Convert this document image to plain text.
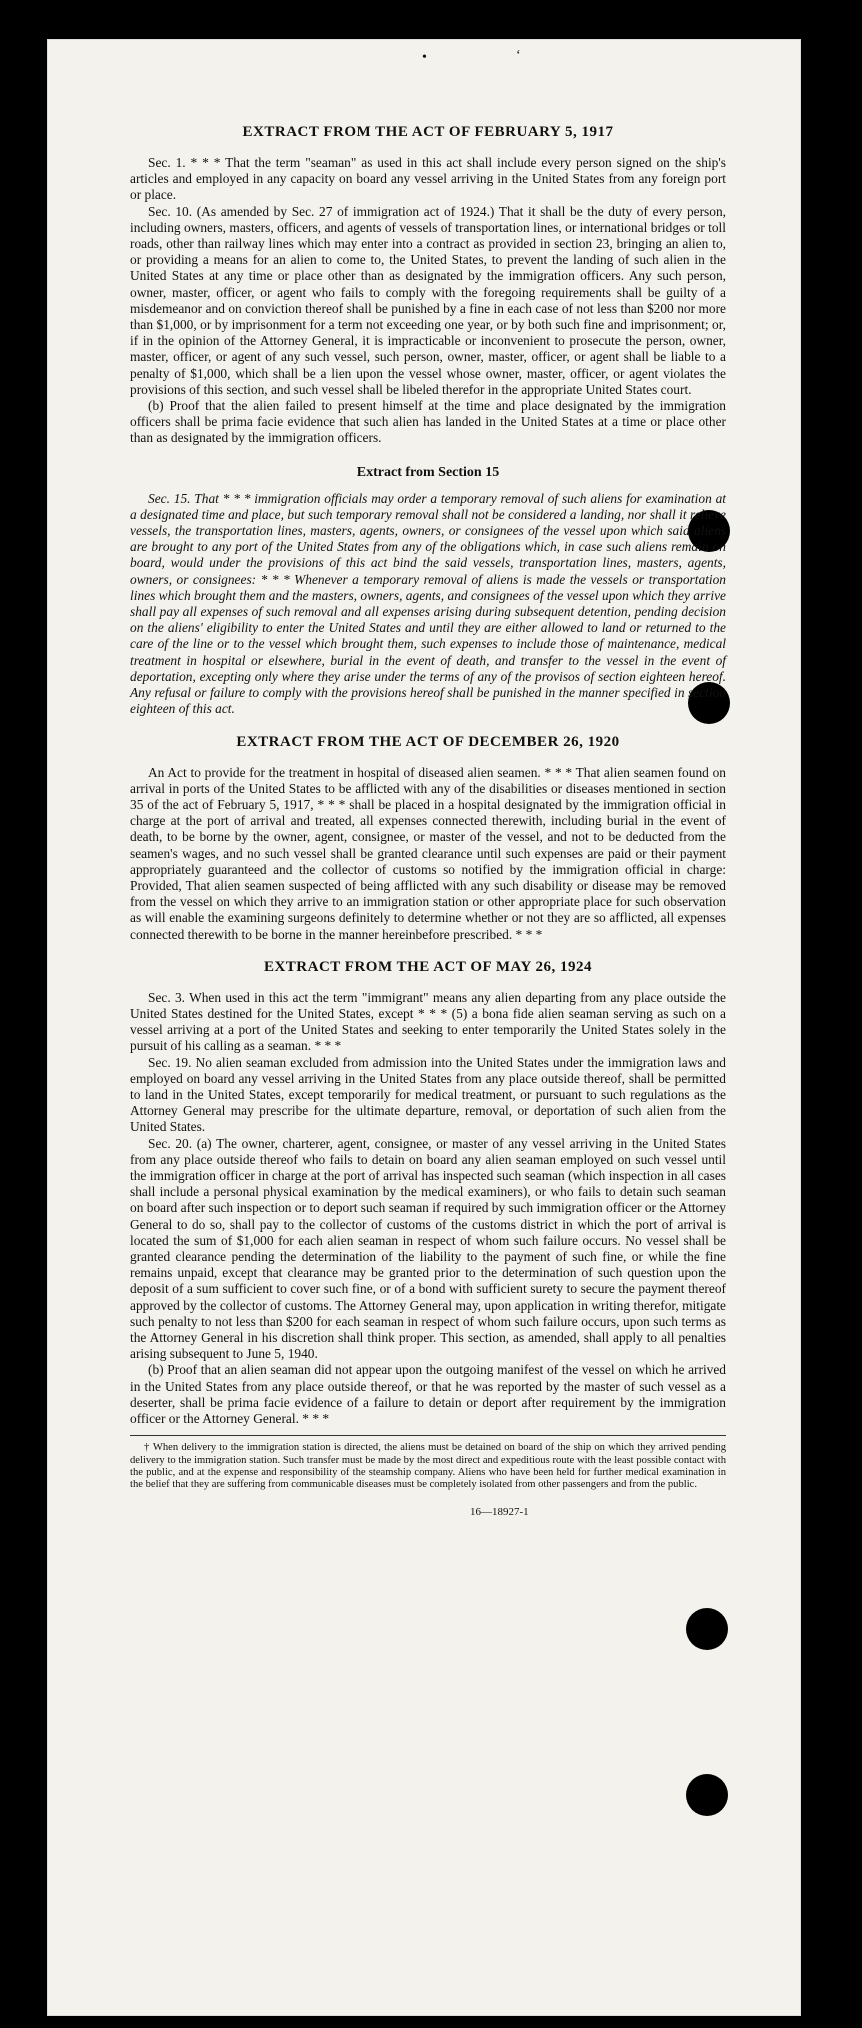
•	‘
EXTRACT FROM THE ACT OF FEBRUARY 5, 1917

Sec. 1. * * * That the term "seaman" as used in this act shall include every person signed on the ship's articles and employed in any capacity on board any vessel arriving in the United States from any foreign port or place.

Sec. 10. (As amended by Sec. 27 of immigration act of 1924.) That it shall be the duty of every person, including owners, masters, officers, and agents of vessels of transportation lines, or international bridges or toll roads, other than railway lines which may enter into a contract as provided in section 23, bringing an alien to, or providing a means for an alien to come to, the United States, to prevent the landing of such alien in the United States at any time or place other than as designated by the immigration officers. Any such person, owner, master, officer, or agent who fails to comply with the foregoing requirements shall be guilty of a misdemeanor and on conviction thereof shall be punished by a fine in each case of not less than $200 nor more than $1,000, or by imprisonment for a term not exceeding one year, or by both such fine and imprisonment; or, if in the opinion of the Attorney General, it is impracticable or inconvenient to prosecute the person, owner, master, officer, or agent of any such vessel, such person, owner, master, officer, or agent shall be liable to a penalty of $1,000, which shall be a lien upon the vessel whose owner, master, officer, or agent violates the provisions of this section, and such vessel shall be libeled therefor in the appropriate United States court.

(b) Proof that the alien failed to present himself at the time and place designated by the immigration officers shall be prima facie evidence that such alien has landed in the United States at a time or place other than as designated by the immigration officers.

Extract from Section 15

Sec. 15. That * * * immigration officials may order a temporary removal of such aliens for examination at a designated time and place, but such temporary removal shall not be considered a landing, nor shall it relieve vessels, the transportation lines, masters, agents, owners, or consignees of the vessel upon which said aliens are brought to any port of the United States from any of the obligations which, in case such aliens remain on board, would under the provisions of this act bind the said vessels, transportation lines, masters, agents, owners, or consignees: * * * Whenever a temporary removal of aliens is made the vessels or transportation lines which brought them and the masters, owners, agents, and consignees of the vessel upon which they arrive shall pay all expenses of such removal and all expenses arising during subsequent detention, pending decision on the aliens' eligibility to enter the United States and until they are either allowed to land or returned to the care of the line or to the vessel which brought them, such expenses to include those of maintenance, medical treatment in hospital or elsewhere, burial in the event of death, and transfer to the vessel in the event of deportation, excepting only where they arise under the terms of any of the provisos of section eighteen hereof. Any refusal or failure to comply with the provisions hereof shall be punished in the manner specified in section eighteen of this act.

EXTRACT FROM THE ACT OF DECEMBER 26, 1920

An Act to provide for the treatment in hospital of diseased alien seamen. * * * That alien seamen found on arrival in ports of the United States to be afflicted with any of the disabilities or diseases mentioned in section 35 of the act of February 5, 1917, * * * shall be placed in a hospital designated by the immigration official in charge at the port of arrival and treated, all expenses connected therewith, including burial in the event of death, to be borne by the owner, agent, consignee, or master of the vessel, and not to be deducted from the seamen's wages, and no such vessel shall be granted clearance until such expenses are paid or their payment appropriately guaranteed and the collector of customs so notified by the immigration official in charge: Provided, That alien seamen suspected of being afflicted with any such disability or disease may be removed from the vessel on which they arrive to an immigration station or other appropriate place for such observation as will enable the examining surgeons definitely to determine whether or not they are so afflicted, all expenses connected therewith to be borne in the manner hereinbefore prescribed. * * *

EXTRACT FROM THE ACT OF MAY 26, 1924

Sec. 3. When used in this act the term "immigrant" means any alien departing from any place outside the United States destined for the United States, except * * * (5) a bona fide alien seaman serving as such on a vessel arriving at a port of the United States and seeking to enter temporarily the United States solely in the pursuit of his calling as a seaman. * * *

Sec. 19. No alien seaman excluded from admission into the United States under the immigration laws and employed on board any vessel arriving in the United States from any place outside thereof, shall be permitted to land in the United States, except temporarily for medical treatment, or pursuant to such regulations as the Attorney General may prescribe for the ultimate departure, removal, or deportation of such alien from the United States.

Sec. 20. (a) The owner, charterer, agent, consignee, or master of any vessel arriving in the United States from any place outside thereof who fails to detain on board any alien seaman employed on such vessel until the immigration officer in charge at the port of arrival has inspected such seaman (which inspection in all cases shall include a personal physical examination by the medical examiners), or who fails to detain such seaman on board after such inspection or to deport such seaman if required by such immigration officer or the Attorney General to do so, shall pay to the collector of customs of the customs district in which the port of arrival is located the sum of $1,000 for each alien seaman in respect of whom such failure occurs. No vessel shall be granted clearance pending the determination of the liability to the payment of such fine, or while the fine remains unpaid, except that clearance may be granted prior to the determination of such question upon the deposit of a sum sufficient to cover such fine, or of a bond with sufficient surety to secure the payment thereof approved by the collector of customs. The Attorney General may, upon application in writing therefor, mitigate such penalty to not less than $200 for each seaman in respect of whom such failure occurs, upon such terms as the Attorney General in his discretion shall think proper. This section, as amended, shall apply to all penalties arising subsequent to June 5, 1940.

(b) Proof that an alien seaman did not appear upon the outgoing manifest of the vessel on which he arrived in the United States from any place outside thereof, or that he was reported by the master of such vessel as a deserter, shall be prima facie evidence of a failure to detain or deport after requirement by the immigration officer or the Attorney General. * * *

† When delivery to the immigration station is directed, the aliens must be detained on board of the ship on which they arrived pending delivery to the immigration station. Such transfer must be made by the most direct and expeditious route with the least possible contact with the public, and at the expense and responsibility of the steamship company. Aliens who have been held for further medical examination in the belief that they are suffering from communicable diseases must be completely isolated from other passengers and from the public.

16—18927-1
